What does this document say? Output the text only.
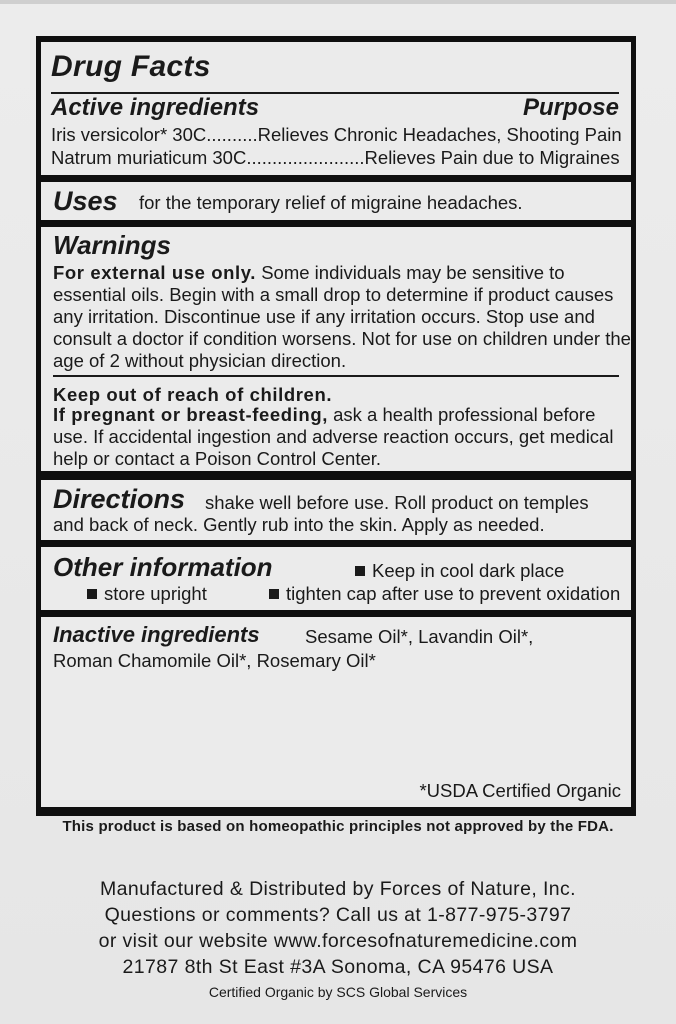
Drug Facts
Active ingredients	Purpose
Iris versicolor* 30C..........Relieves Chronic Headaches, Shooting Pain
Natrum muriaticum 30C.......................Relieves Pain due to Migraines
Uses for the temporary relief of migraine headaches.
Warnings
For external use only. Some individuals may be sensitive to
essential oils. Begin with a small drop to determine if product causes
any irritation. Discontinue use if any irritation occurs. Stop use and
consult a doctor if condition worsens. Not for use on children under the
age of 2 without physician direction.
Keep out of reach of children.
If pregnant or breast-feeding, ask a health professional before
use. If accidental ingestion and adverse reaction occurs, get medical
help or contact a Poison Control Center.
Directions shake well before use. Roll product on temples
and back of neck. Gently rub into the skin. Apply as needed.
Other information	Keep in cool dark place
store upright	tighten cap after use to prevent oxidation
Inactive ingredients Sesame Oil*, Lavandin Oil*,
Roman Chamomile Oil*, Rosemary Oil*
*USDA Certified Organic
This product is based on homeopathic principles not approved by the FDA.
Manufactured & Distributed by Forces of Nature, Inc.
Questions or comments? Call us at 1-877-975-3797
or visit our website www.forcesofnaturemedicine.com
21787 8th St East #3A Sonoma, CA 95476 USA
Certified Organic by SCS Global Services
